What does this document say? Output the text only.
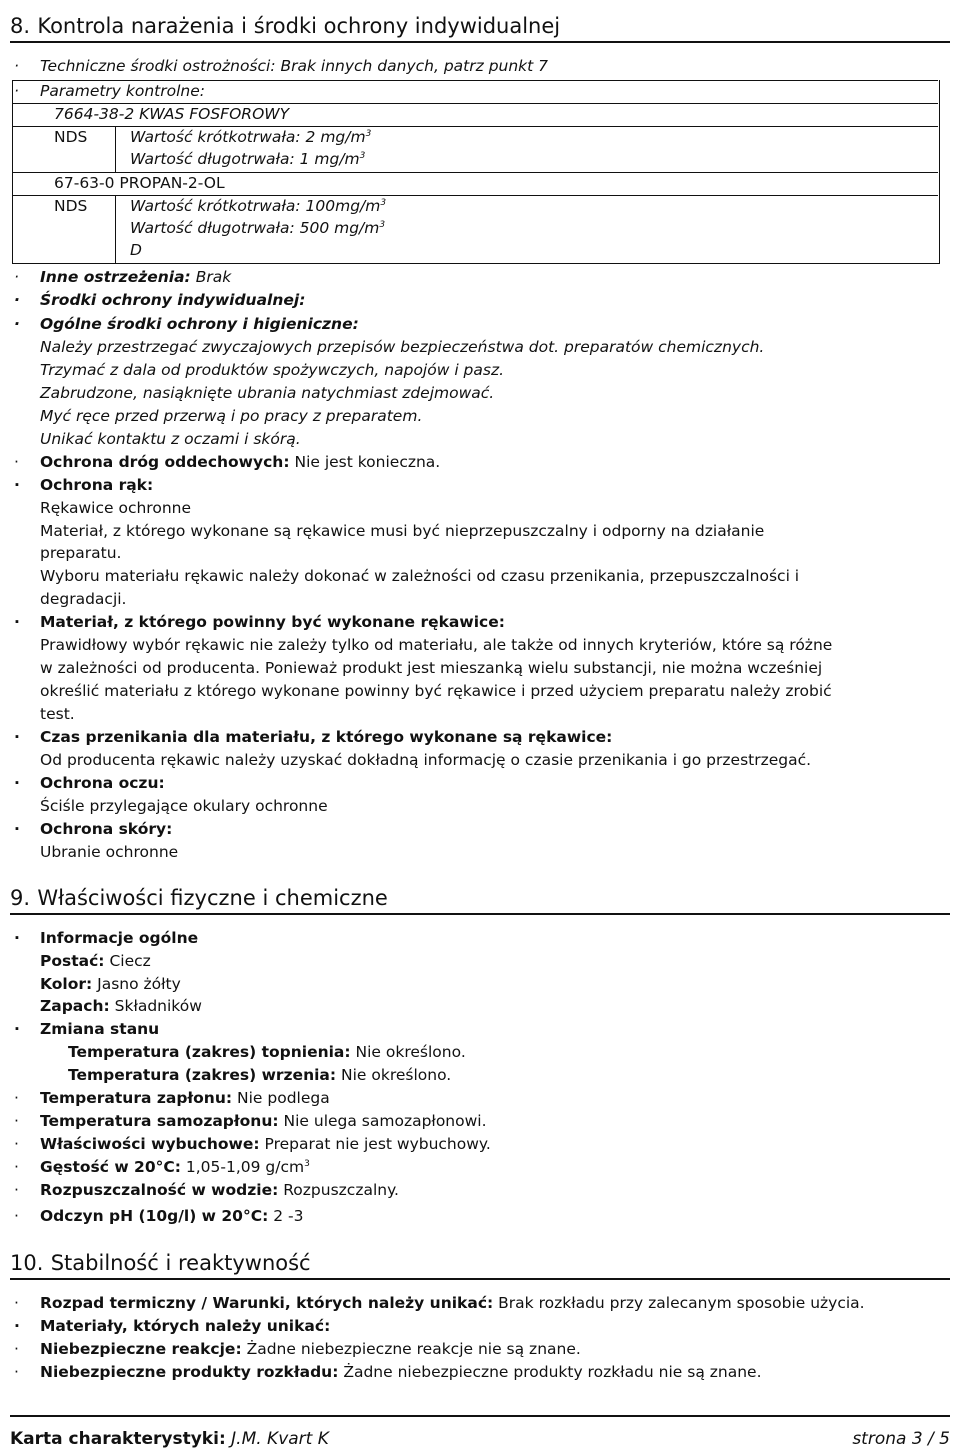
8. Kontrola narażenia i środki ochrony indywidualnej
· Techniczne środki ostrożności: Brak innych danych, patrz punkt 7
· Parametry kontrolne:
7664-38-2 KWAS FOSFOROWY
NDS	Wartość krótkotrwała: 2 $mg/m^3$
Wartość długotrwała: 1 $mg/m^3$
67-63-0 PROPAN-2-OL
NDS	Wartość krótkotrwała: $100mg/m^3$
Wartość długotrwała: 500 $mg/m^3$
D
· Inne ostrzeżenia: Brak
· Środki ochrony indywidualnej:
· Ogólne środki ochrony i higieniczne:
Należy przestrzegać zwyczajowych przepisów bezpieczeństwa dot. preparatów chemicznych.
Trzymać z dala od produktów spożywczych, napojów i pasz.
Zabrudzone, nasiąknięte ubrania natychmiast zdejmować.
Myć ręce przed przerwą i po pracy z preparatem.
Unikać kontaktu z oczami i skórą.
· Ochrona dróg oddechowych: Nie jest konieczna.
· Ochrona rąk:
Rękawice ochronne
Materiał, z którego wykonane są rękawice musi być nieprzepuszczalny i odporny na działanie
preparatu.
Wyboru materiału rękawic należy dokonać w zależności od czasu przenikania, przepuszczalności i
degradacji.
· Materiał, z którego powinny być wykonane rękawice:
Prawidłowy wybór rękawic nie zależy tylko od materiału, ale także od innych kryteriów, które są różne
w zależności od producenta. Ponieważ produkt jest mieszanką wielu substancji, nie można wcześniej
określić materiału z którego wykonane powinny być rękawice i przed użyciem preparatu należy zrobić
test.
· Czas przenikania dla materiału, z którego wykonane są rękawice:
Od producenta rękawic należy uzyskać dokładną informację o czasie przenikania i go przestrzegać.
· Ochrona oczu:
Ściśle przylegające okulary ochronne
· Ochrona skóry:
Ubranie ochronne
9. Właściwości fizyczne i chemiczne
· Informacje ogólne
Postać: Ciecz
Kolor: Jasno żółty
Zapach: Składników
· Zmiana stanu
Temperatura (zakres) topnienia: Nie określono.
Temperatura (zakres) wrzenia: Nie określono.
· Temperatura zapłonu: Nie podlega
· Temperatura samozapłonu: Nie ulega samozapłonowi.
· Właściwości wybuchowe: Preparat nie jest wybuchowy.
· Gęstość w 20°C: 1,05-1,09 $g/cm^3$
· Rozpuszczalność w wodzie: Rozpuszczalny.
· Odczyn pH (10g/l) w 20°C: 2 -3
10. Stabilność i reaktywność
· Rozpad termiczny / Warunki, których należy unikać: Brak rozkładu przy zalecanym sposobie użycia.
· Materiały, których należy unikać:
· Niebezpieczne reakcje: Żadne niebezpieczne reakcje nie są znane.
· Niebezpieczne produkty rozkładu: Żadne niebezpieczne produkty rozkładu nie są znane.
Karta charakterystyki: J.M. Kvart K	strona 3 / 5
